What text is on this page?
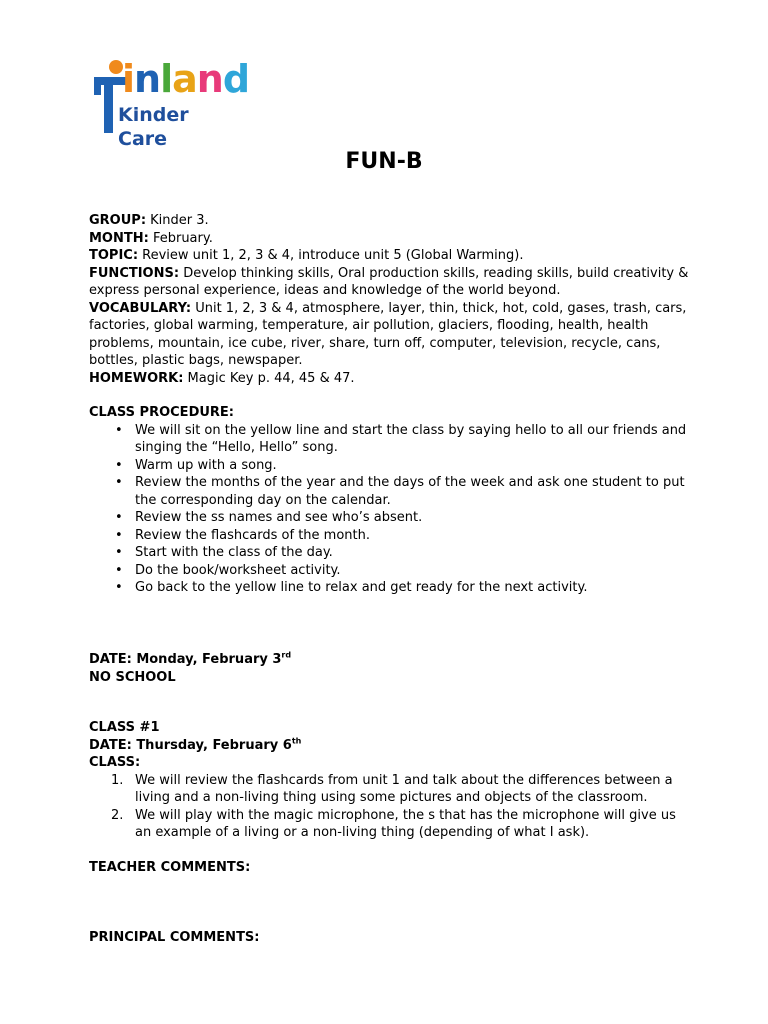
inland
Kinder Care
FUN-B

GROUP: Kinder 3.

MONTH: February.

TOPIC: Review unit 1, 2, 3 & 4, introduce unit 5 (Global Warming).

FUNCTIONS: Develop thinking skills, Oral production skills, reading skills, build creativity & express personal experience, ideas and knowledge of the world beyond.

VOCABULARY: Unit 1, 2, 3 & 4, atmosphere, layer, thin, thick, hot, cold, gases, trash, cars, factories, global warming, temperature, air pollution, glaciers, flooding, health, health problems, mountain, ice cube, river, share, turn off, computer, television, recycle, cans, bottles, plastic bags, newspaper.

HOMEWORK: Magic Key p. 44, 45 & 47.

CLASS PROCEDURE:

• We will sit on the yellow line and start the class by saying hello to all our friends and singing the “Hello, Hello” song.
• Warm up with a song.
• Review the months of the year and the days of the week and ask one student to put the corresponding day on the calendar.
• Review the ss names and see who’s absent.
• Review the flashcards of the month.
• Start with the class of the day.
• Do the book/worksheet activity.
• Go back to the yellow line to relax and get ready for the next activity.

DATE: Monday, February 3rd

NO SCHOOL

CLASS #1

DATE: Thursday, February 6th

CLASS:

1. We will review the flashcards from unit 1 and talk about the differences between a living and a non-living thing using some pictures and objects of the classroom.
2. We will play with the magic microphone, the s that has the microphone will give us an example of a living or a non-living thing (depending of what I ask).

TEACHER COMMENTS:

PRINCIPAL COMMENTS:
